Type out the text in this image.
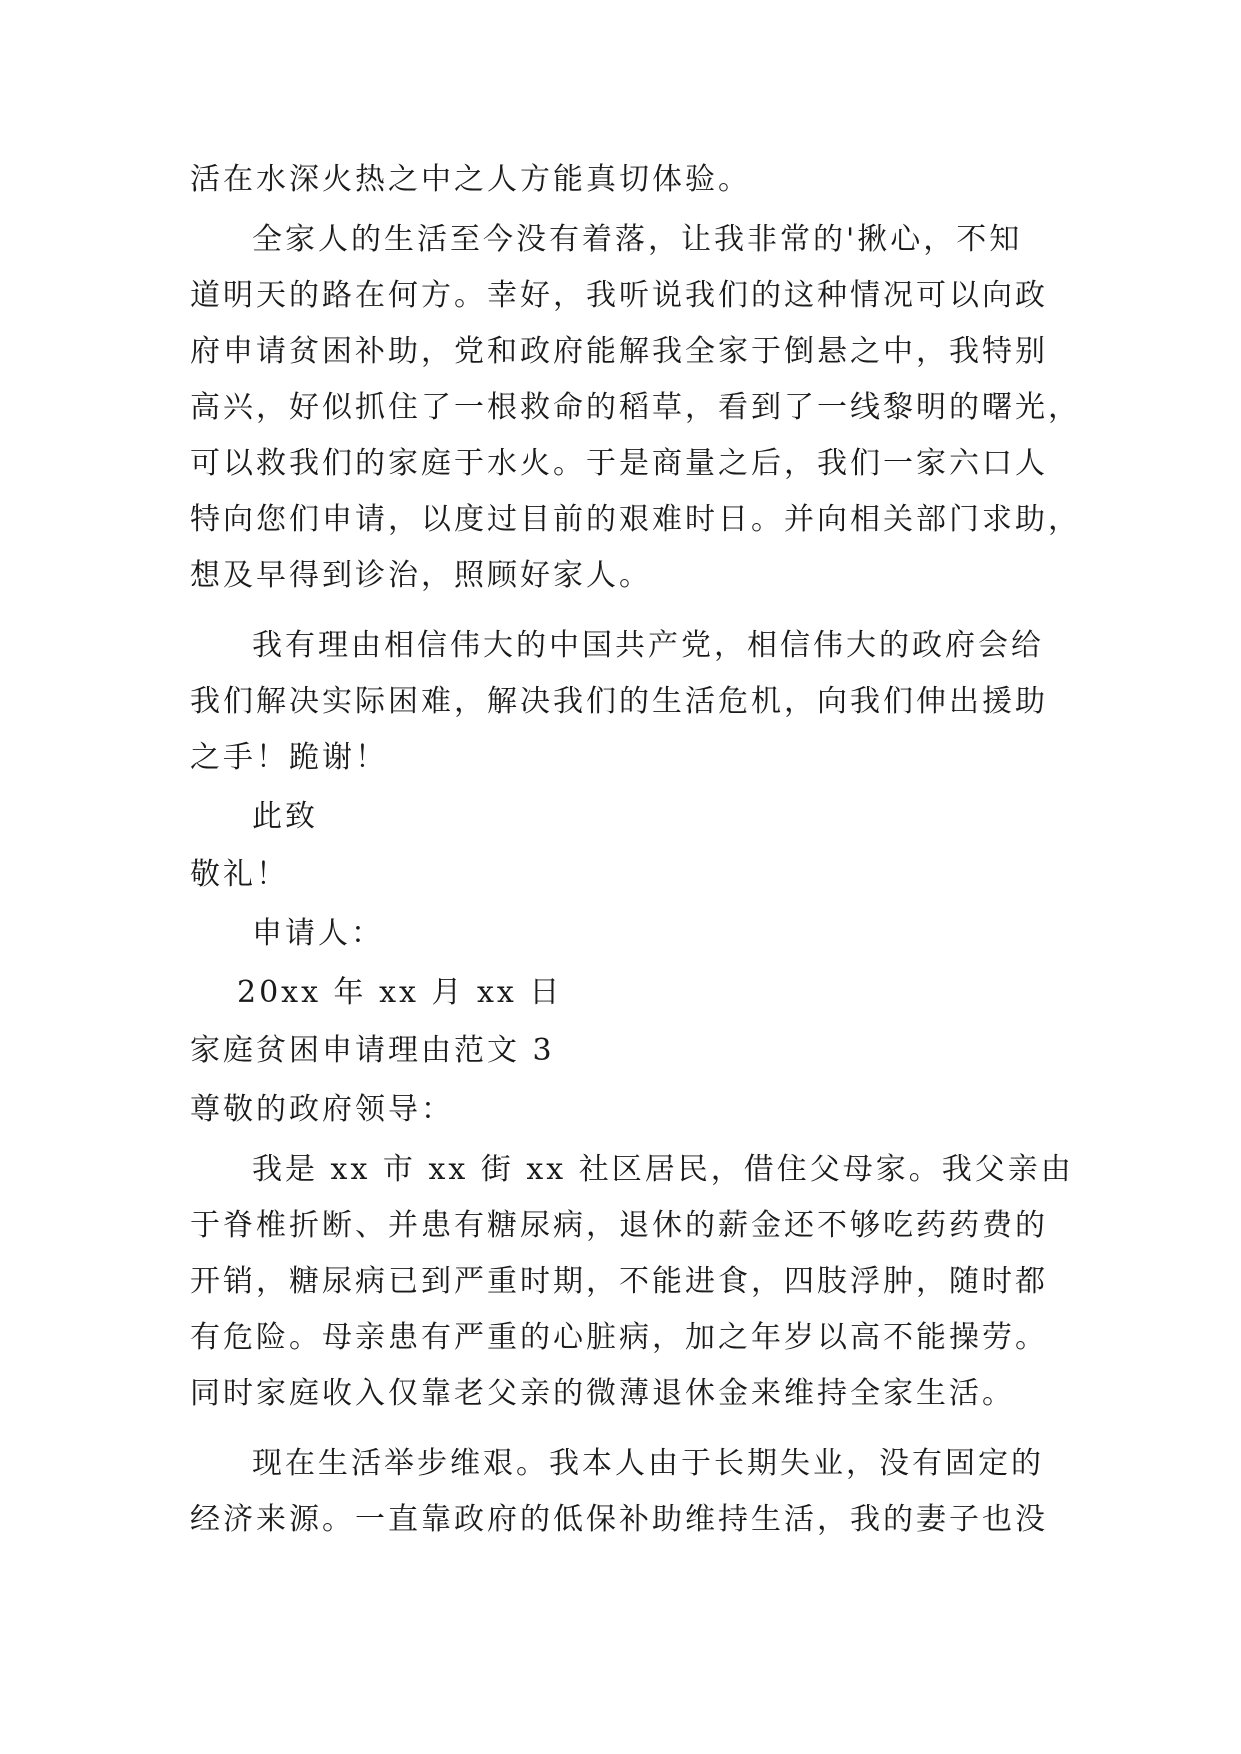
活在水深火热之中之人方能真切体验。
全家人的生活至今没有着落，让我非常的'揪心，不知
道明天的路在何方。幸好，我听说我们的这种情况可以向政
府申请贫困补助，党和政府能解我全家于倒悬之中，我特别
高兴，好似抓住了一根救命的稻草，看到了一线黎明的曙光，
可以救我们的家庭于水火。于是商量之后，我们一家六口人
特向您们申请，以度过目前的艰难时日。并向相关部门求助，
想及早得到诊治，照顾好家人。
我有理由相信伟大的中国共产党，相信伟大的政府会给
我们解决实际困难，解决我们的生活危机，向我们伸出援助
之手！跪谢！
此致
敬礼！
申请人：
20xx 年 xx 月 xx 日
家庭贫困申请理由范文 3
尊敬的政府领导：
我是 xx 市 xx 街 xx 社区居民，借住父母家。我父亲由
于脊椎折断、并患有糖尿病，退休的薪金还不够吃药药费的
开销，糖尿病已到严重时期，不能进食，四肢浮肿，随时都
有危险。母亲患有严重的心脏病，加之年岁以高不能操劳。
同时家庭收入仅靠老父亲的微薄退休金来维持全家生活。
现在生活举步维艰。我本人由于长期失业，没有固定的
经济来源。一直靠政府的低保补助维持生活，我的妻子也没
